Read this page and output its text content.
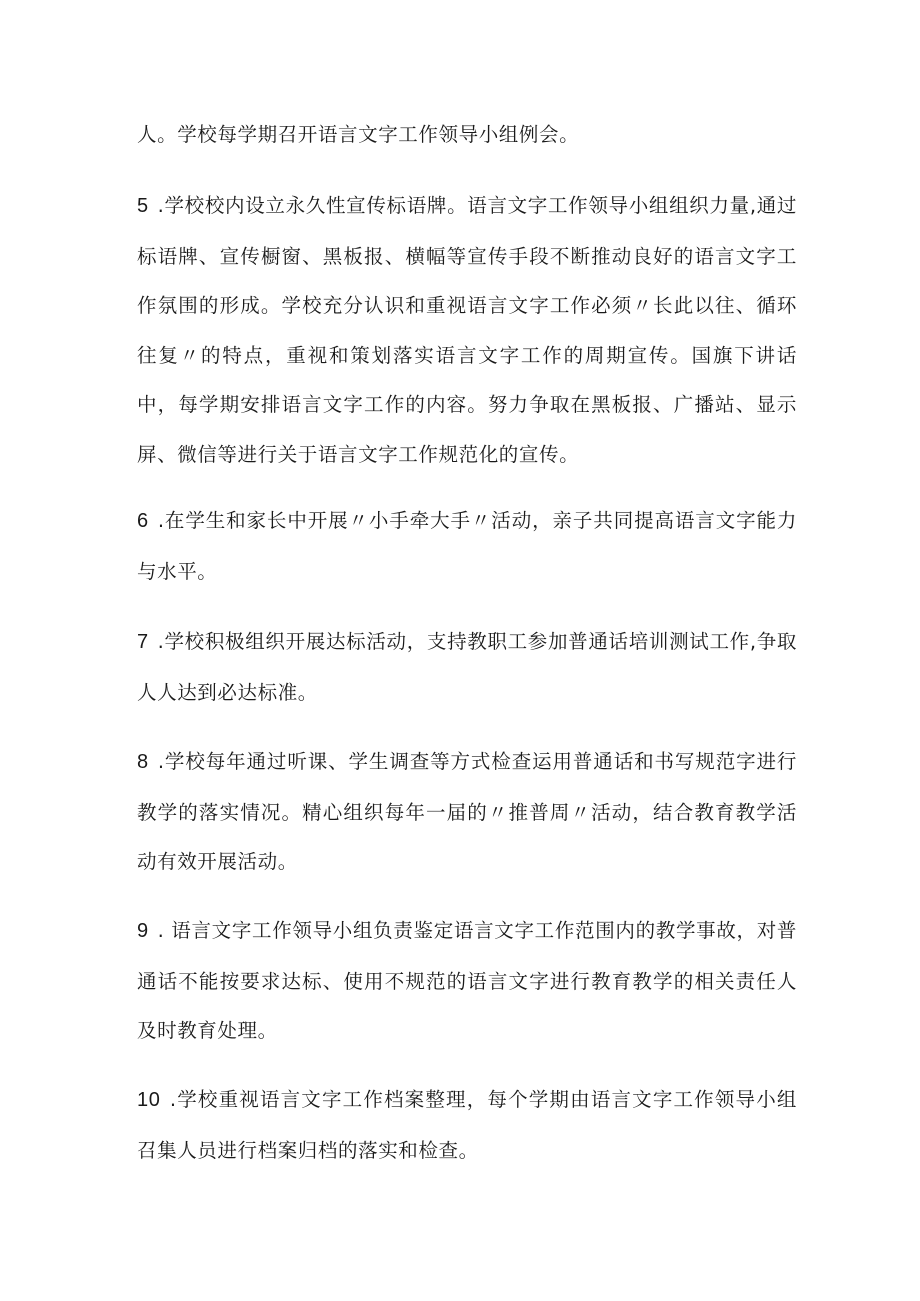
人。学校每学期召开语言文字工作领导小组例会。

5 .学校校内设立永久性宣传标语牌。语言文字工作领导小组组织力量,通过标语牌、宣传橱窗、黑板报、横幅等宣传手段不断推动良好的语言文字工作氛围的形成。学校充分认识和重视语言文字工作必须〃长此以往、循环往复〃的特点，重视和策划落实语言文字工作的周期宣传。国旗下讲话中，每学期安排语言文字工作的内容。努力争取在黑板报、广播站、显示屏、微信等进行关于语言文字工作规范化的宣传。

6 .在学生和家长中开展〃小手牵大手〃活动，亲子共同提高语言文字能力与水平。

7 .学校积极组织开展达标活动，支持教职工参加普通话培训测试工作,争取人人达到必达标准。

8 .学校每年通过听课、学生调查等方式检查运用普通话和书写规范字进行教学的落实情况。精心组织每年一届的〃推普周〃活动，结合教育教学活动有效开展活动。

9 . 语言文字工作领导小组负责鉴定语言文字工作范围内的教学事故，对普通话不能按要求达标、使用不规范的语言文字进行教育教学的相关责任人及时教育处理。

10 .学校重视语言文字工作档案整理，每个学期由语言文字工作领导小组召集人员进行档案归档的落实和检查。
